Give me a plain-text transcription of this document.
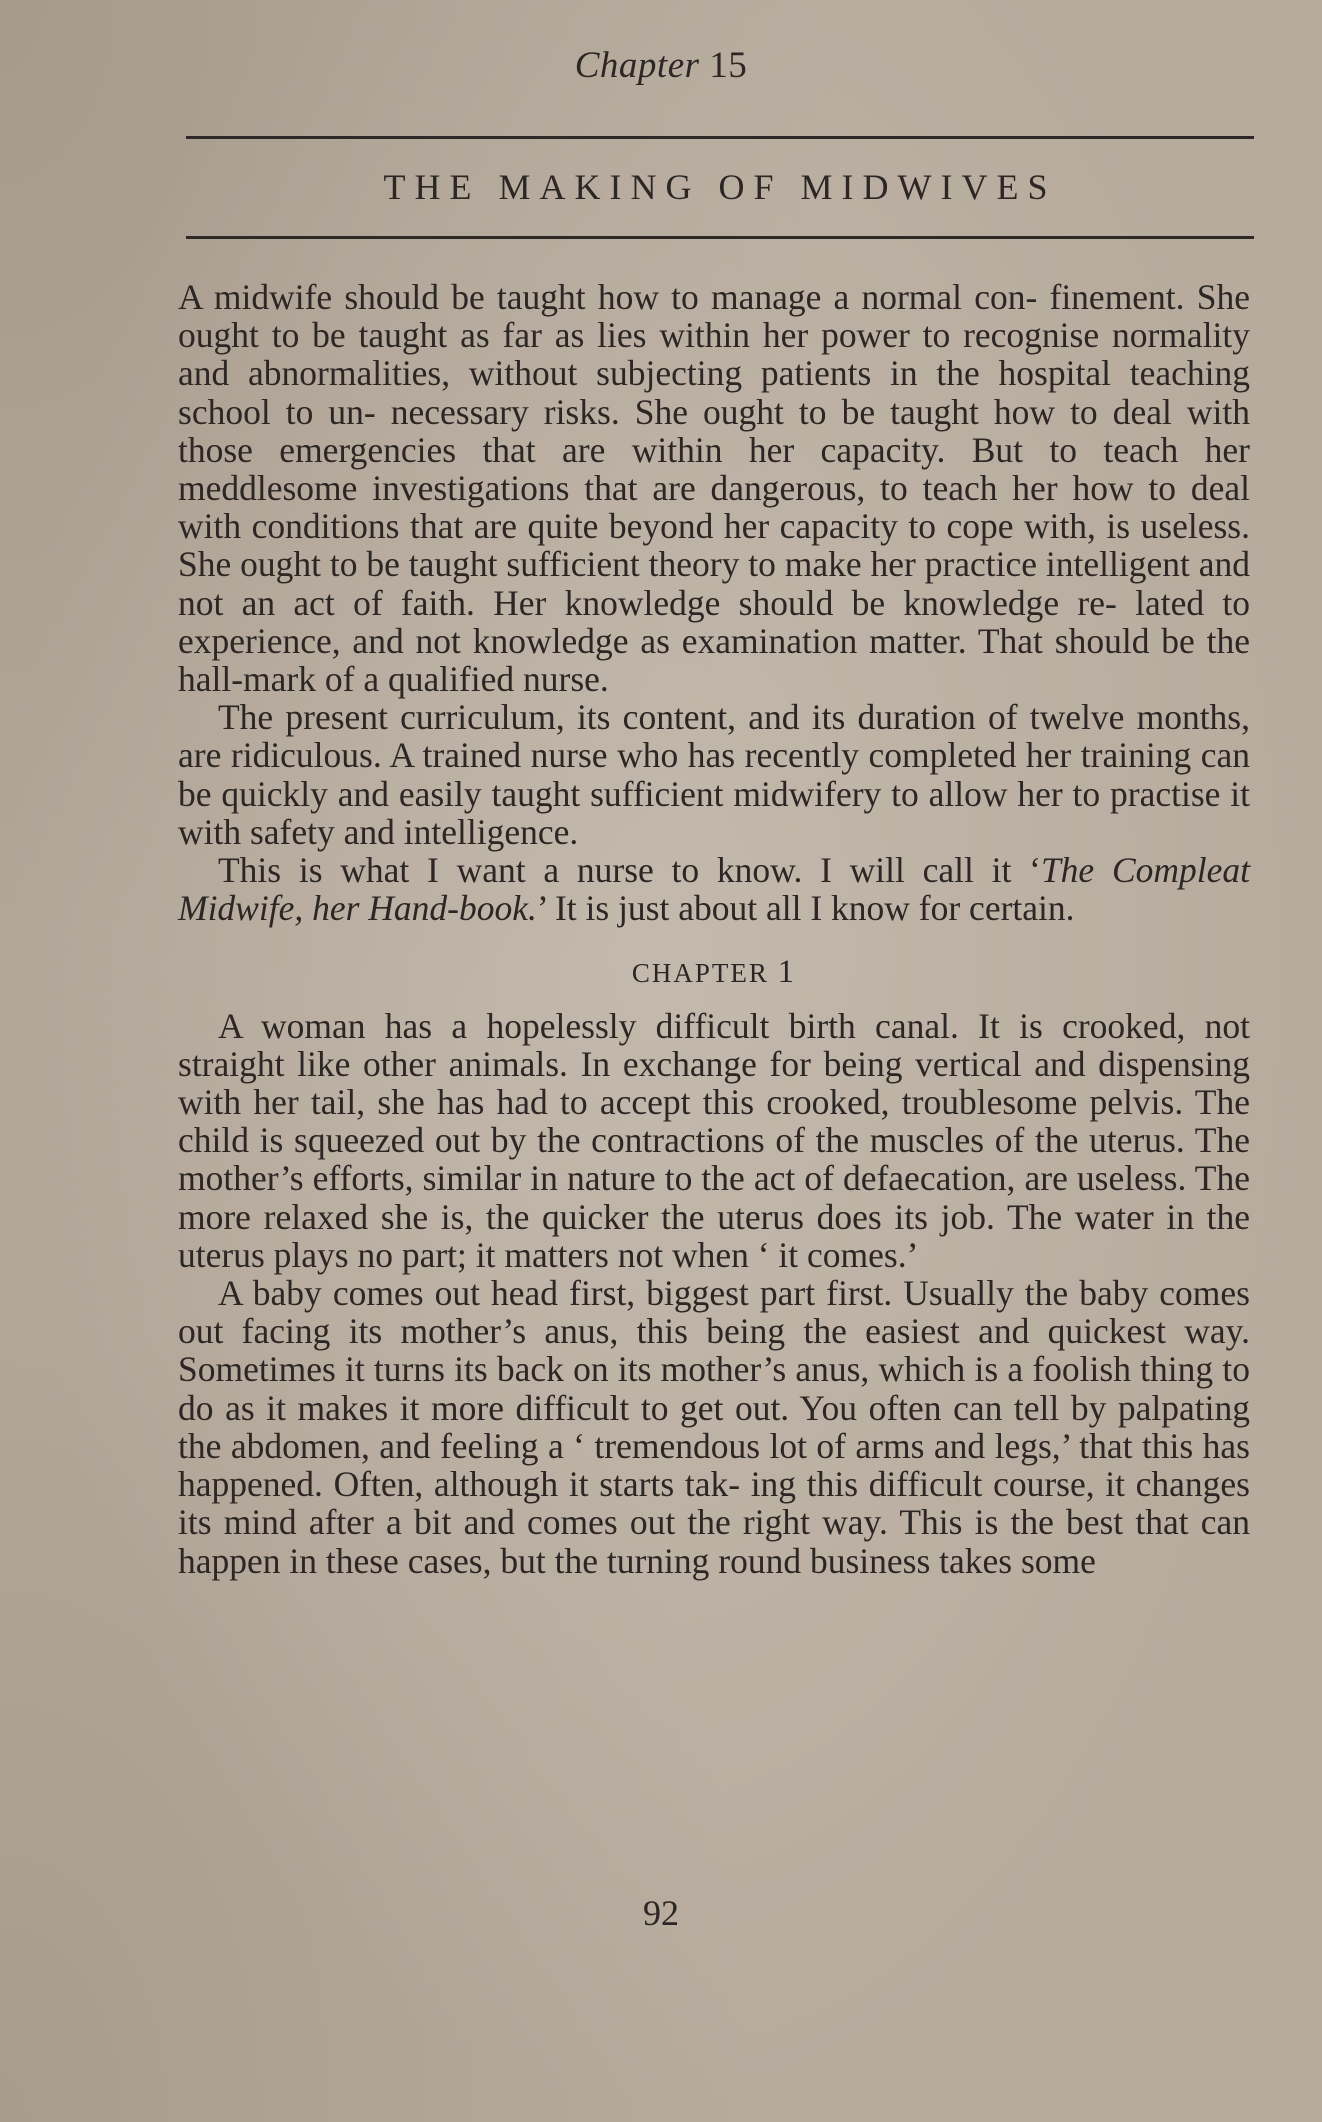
Chapter 15
THE MAKING OF MIDWIVES

A midwife should be taught how to manage a normal con- finement. She ought to be taught as far as lies within her power to recognise normality and abnormalities, without subjecting patients in the hospital teaching school to un- necessary risks. She ought to be taught how to deal with those emergencies that are within her capacity. But to teach her meddlesome investigations that are dangerous, to teach her how to deal with conditions that are quite beyond her capacity to cope with, is useless. She ought to be taught sufficient theory to make her practice intelligent and not an act of faith. Her knowledge should be knowledge re- lated to experience, and not knowledge as examination matter. That should be the hall-mark of a qualified nurse.

The present curriculum, its content, and its duration of twelve months, are ridiculous. A trained nurse who has recently completed her training can be quickly and easily taught sufficient midwifery to allow her to practise it with safety and intelligence.

This is what I want a nurse to know. I will call it ‘The Compleat Midwife, her Hand-book.’ It is just about all I know for certain.

CHAPTER 1

A woman has a hopelessly difficult birth canal. It is crooked, not straight like other animals. In exchange for being vertical and dispensing with her tail, she has had to accept this crooked, troublesome pelvis. The child is squeezed out by the contractions of the muscles of the uterus. The mother’s efforts, similar in nature to the act of defaecation, are useless. The more relaxed she is, the quicker the uterus does its job. The water in the uterus plays no part; it matters not when ‘ it comes.’

A baby comes out head first, biggest part first. Usually the baby comes out facing its mother’s anus, this being the easiest and quickest way. Sometimes it turns its back on its mother’s anus, which is a foolish thing to do as it makes it more difficult to get out. You often can tell by palpating the abdomen, and feeling a ‘ tremendous lot of arms and legs,’ that this has happened. Often, although it starts tak- ing this difficult course, it changes its mind after a bit and comes out the right way. This is the best that can happen in these cases, but the turning round business takes some

92
